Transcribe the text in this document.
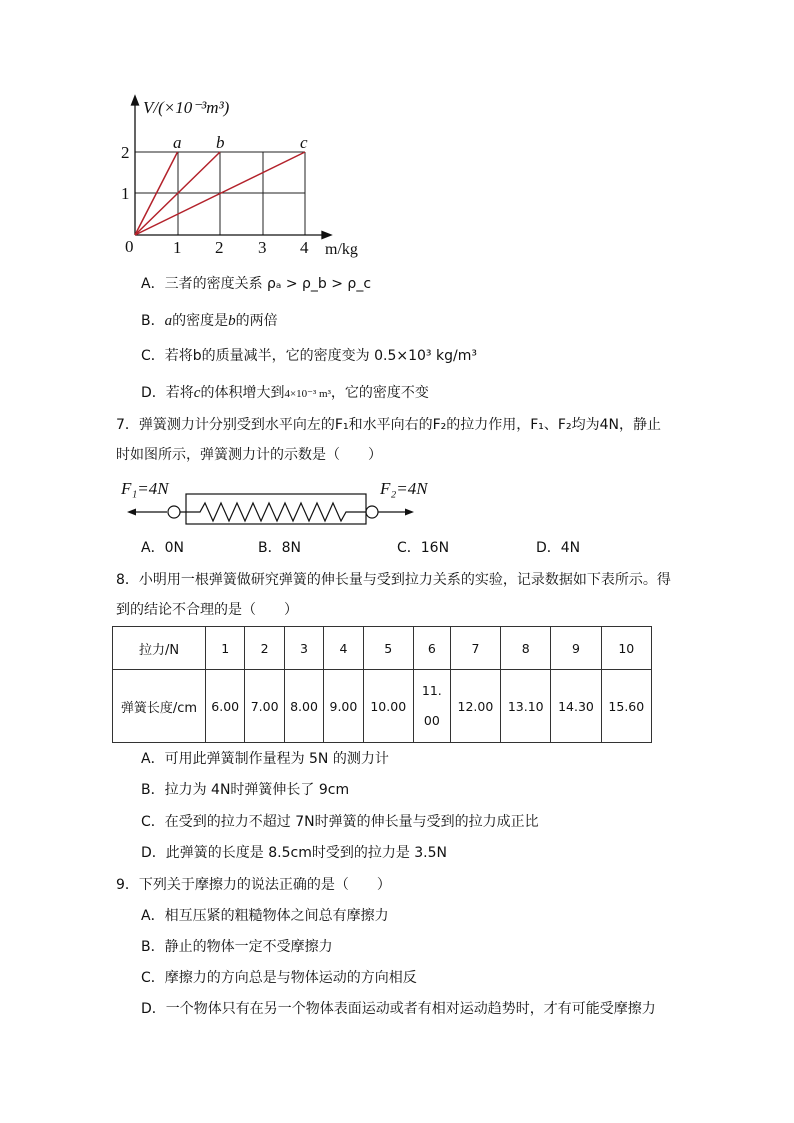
V/(×10⁻³m³)
m/kg
0 1 2 3 4
1
2
a b	c
A．三者的密度关系 ρₐ > ρ_b > ρ_c
B．a的密度是b的两倍
C．若将b的质量减半，它的密度变为 0.5×10³ kg/m³
D．若将c的体积增大到4×10⁻³ m³，它的密度不变
7．弹簧测力计分别受到水平向左的F₁和水平向右的F₂的拉力作用，F₁、F₂均为4N，静止
时如图所示，弹簧测力计的示数是（　　）
F₁=4N	F₂=4N
A．0N	B．8N	C．16N	D．4N
8．小明用一根弹簧做研究弹簧的伸长量与受到拉力关系的实验，记录数据如下表所示。得
到的结论不合理的是（　　）
拉力/N	1	2	3	4	5	6	7	8	9	10
弹簧长度/cm	6.00	7.00	8.00	9.00	10.00	11.00	12.00	13.10	14.30	15.60
A．可用此弹簧制作量程为 5N 的测力计
B．拉力为 4N时弹簧伸长了 9cm
C．在受到的拉力不超过 7N时弹簧的伸长量与受到的拉力成正比
D．此弹簧的长度是 8.5cm时受到的拉力是 3.5N
9．下列关于摩擦力的说法正确的是（　　）
A．相互压紧的粗糙物体之间总有摩擦力
B．静止的物体一定不受摩擦力
C．摩擦力的方向总是与物体运动的方向相反
D．一个物体只有在另一个物体表面运动或者有相对运动趋势时，才有可能受摩擦力
